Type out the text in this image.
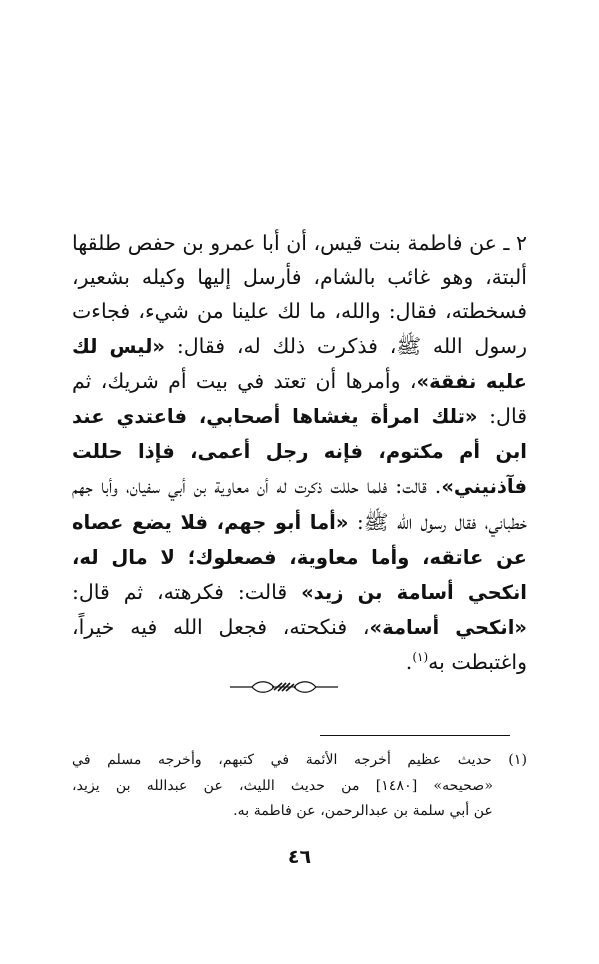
٢ ـ عن فاطمة بنت قيس، أن أبا عمرو بن حفص طلقها ألبتة، وهو غائب بالشام، فأرسل إليها وكيله بشعير، فسخطته، فقال: والله، ما لك علينا من شيء، فجاءت رسول الله ﷺ، فذكرت ذلك له، فقال: «ليس لك عليه نفقة»، وأمرها أن تعتد في بيت أم شريك، ثم قال: «تلك امرأة يغشاها أصحابي، فاعتدي عند ابن أم مكتوم، فإنه رجل أعمى، فإذا حللت فآذنيني». قالت: فلما حللت ذكرت له أن معاوية بن أبي سفيان، وأبا جهم خطباني، فقال رسول الله ﷺ: «أما أبو جهم، فلا يضع عصاه عن عاتقه، وأما معاوية، فصعلوك؛ لا مال له، انكحي أسامة بن زيد» قالت: فكرهته، ثم قال: «انكحي أسامة»، فنكحته، فجعل الله فيه خيراً، واغتبطت به$^{(١)}$.
(١) حديث عظيم أخرجه الأئمة في كتبهم، وأخرجه مسلم في
«صحيحه» [١٤٨٠] من حديث الليث، عن عبدالله بن يزيد،
عن أبي سلمة بن عبدالرحمن، عن فاطمة به.
٤٦
